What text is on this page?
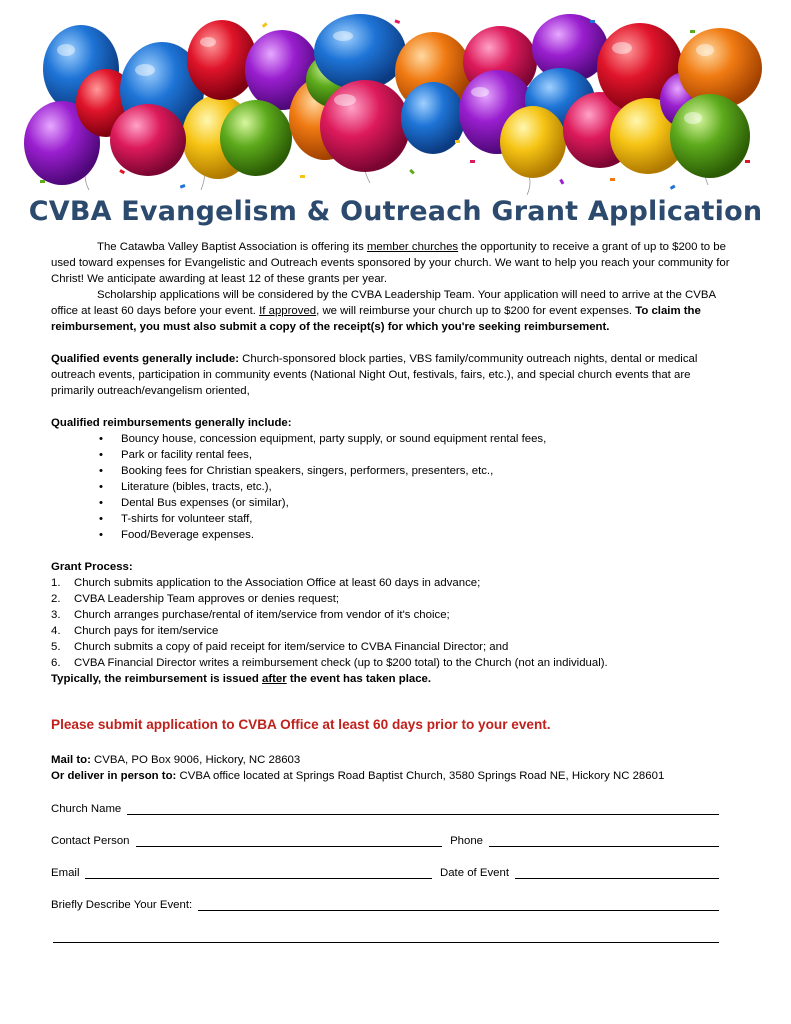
CVBA Evangelism & Outreach Grant Application

The Catawba Valley Baptist Association is offering its member churches the opportunity to receive a grant of up to $200 to be used toward expenses for Evangelistic and Outreach events sponsored by your church. We want to help you reach your community for Christ! We anticipate awarding at least 12 of these grants per year.

Scholarship applications will be considered by the CVBA Leadership Team. Your application will need to arrive at the CVBA office at least 60 days before your event. If approved, we will reimburse your church up to $200 for event expenses. To claim the reimbursement, you must also submit a copy of the receipt(s) for which you're seeking reimbursement.

Qualified events generally include: Church-sponsored block parties, VBS family/community outreach nights, dental or medical outreach events, participation in community events (National Night Out, festivals, fairs, etc.), and special church events that are primarily outreach/evangelism oriented,

Qualified reimbursements generally include:

• Bouncy house, concession equipment, party supply, or sound equipment rental fees,
• Park or facility rental fees,
• Booking fees for Christian speakers, singers, performers, presenters, etc.,
• Literature (bibles, tracts, etc.),
• Dental Bus expenses (or similar),
• T-shirts for volunteer staff,
• Food/Beverage expenses.

Grant Process:

1. Church submits application to the Association Office at least 60 days in advance;
2. CVBA Leadership Team approves or denies request;
3. Church arranges purchase/rental of item/service from vendor of it's choice;
4. Church pays for item/service
5. Church submits a copy of paid receipt for item/service to CVBA Financial Director; and
6. CVBA Financial Director writes a reimbursement check (up to $200 total) to the Church (not an individual).

Typically, the reimbursement is issued after the event has taken place.

Please submit application to CVBA Office at least 60 days prior to your event.
Mail to: CVBA, PO Box 9006, Hickory, NC 28603
Or deliver in person to: CVBA office located at Springs Road Baptist Church, 3580 Springs Road NE, Hickory NC 28601
Church Name
Contact Person	Phone
Email	Date of Event
Briefly Describe Your Event:
